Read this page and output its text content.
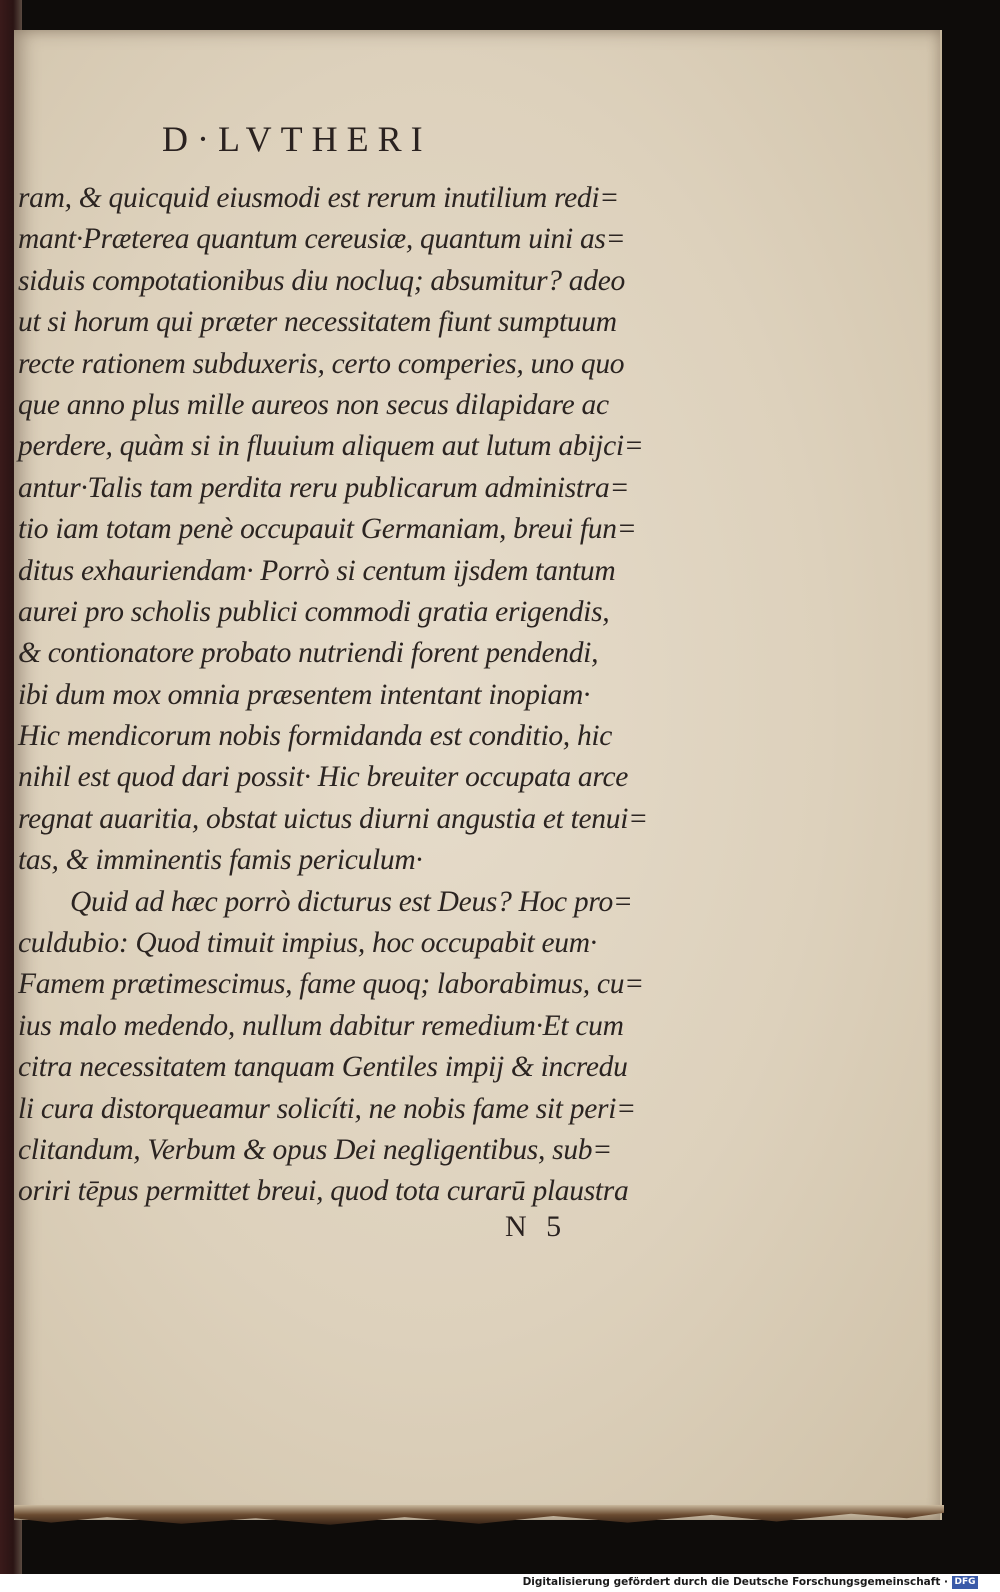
D·LVTHERI
ram, & quicquid eiusmodi est rerum inutilium redi=
mant·Præterea quantum cereusiæ, quantum uini as=
siduis compotationibus diu nocluq; absumitur? adeo
ut si horum qui præter necessitatem fiunt sumptuum
recte rationem subduxeris, certo comperies, uno quo
que anno plus mille aureos non secus dilapidare ac
perdere, quàm si in fluuium aliquem aut lutum abijci=
antur·Talis tam perdita reru publicarum administra=
tio iam totam penè occupauit Germaniam, breui fun=
ditus exhauriendam· Porrò si centum ijsdem tantum
aurei pro scholis publici commodi gratia erigendis,
& contionatore probato nutriendi forent pendendi,
ibi dum mox omnia præsentem intentant inopiam·
Hic mendicorum nobis formidanda est conditio, hic
nihil est quod dari possit· Hic breuiter occupata arce
regnat auaritia, obstat uictus diurni angustia et tenui=
tas, & imminentis famis periculum·
Quid ad hæc porrò dicturus est Deus? Hoc pro=
culdubio: Quod timuit impius, hoc occupabit eum·
Famem prætimescimus, fame quoq; laborabimus, cu=
ius malo medendo, nullum dabitur remedium·Et cum
citra necessitatem tanquam Gentiles impij & incredu
li cura distorqueamur solicíti, ne nobis fame sit peri=
clitandum, Verbum & opus Dei negligentibus, sub=
oriri tēpus permittet breui, quod tota curarū plaustra
N 5
Digitalisierung gefördert durch die Deutsche Forschungsgemeinschaft · DFG
